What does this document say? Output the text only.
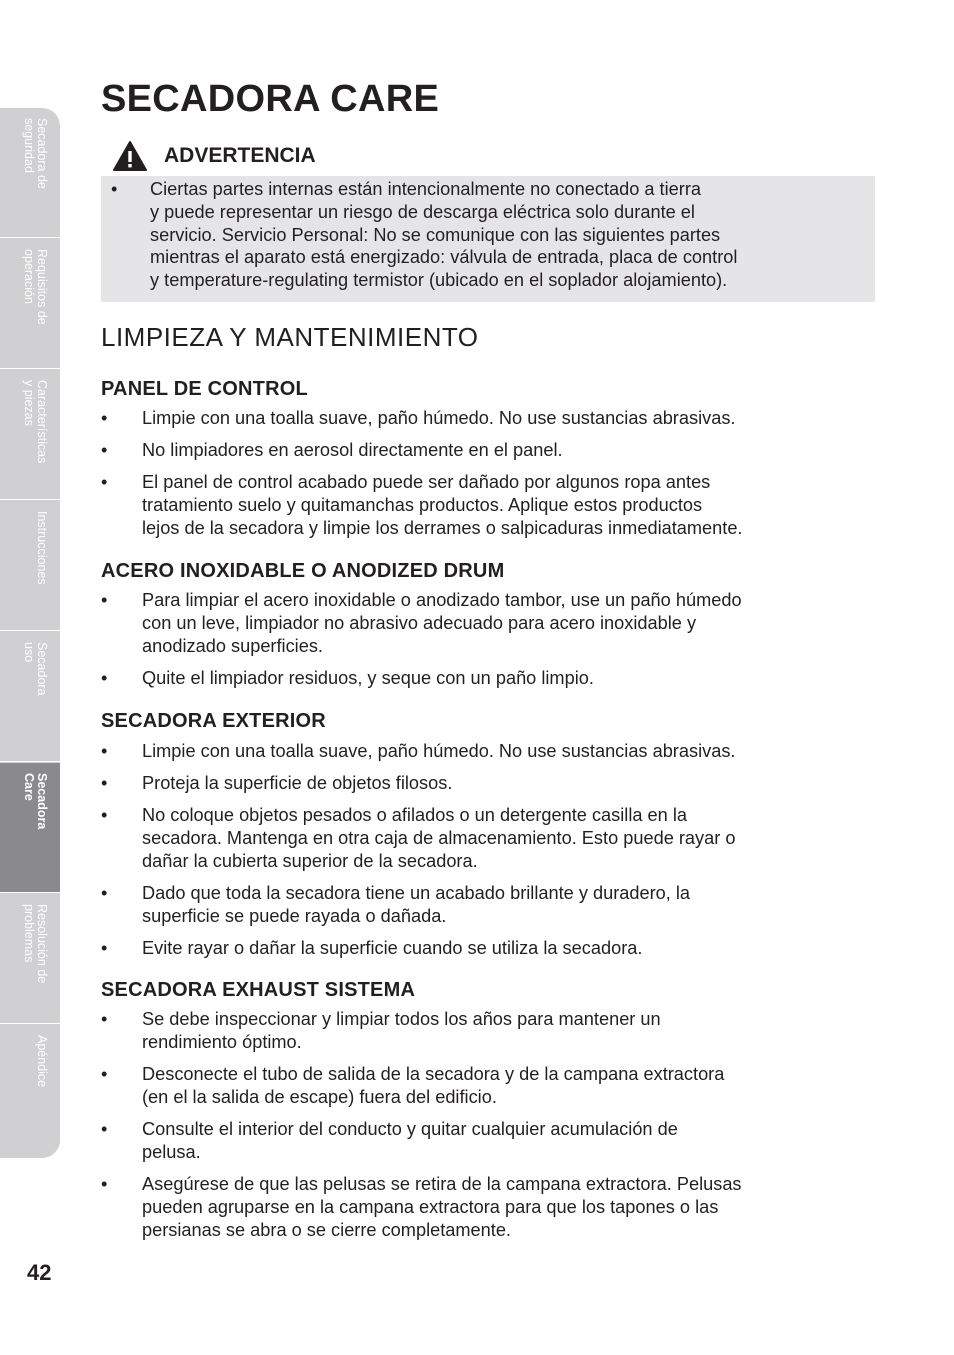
Secadora de
seguridad
Requisitos de
operación
Características
y piezas
Instrucciones
Secadora
uso
Secadora
Care
Resolución de
problemas
Apéndice
SECADORA CARE
ADVERTENCIA
•	Ciertas partes internas están intencionalmente no conectado a tierra
y puede representar un riesgo de descarga eléctrica solo durante el
servicio. Servicio Personal: No se comunique con las siguientes partes
mientras el aparato está energizado: válvula de entrada, placa de control
y temperature-regulating termistor (ubicado en el soplador alojamiento).
LIMPIEZA Y MANTENIMIENTO
PANEL DE CONTROL
•	Limpie con una toalla suave, paño húmedo. No use sustancias abrasivas.
•	No limpiadores en aerosol directamente en el panel.
•	El panel de control acabado puede ser dañado por algunos ropa antes
tratamiento suelo y quitamanchas productos. Aplique estos productos
lejos de la secadora y limpie los derrames o salpicaduras inmediatamente.
ACERO INOXIDABLE O ANODIZED DRUM
•	Para limpiar el acero inoxidable o anodizado tambor, use un paño húmedo
con un leve, limpiador no abrasivo adecuado para acero inoxidable y
anodizado superficies.
•	Quite el limpiador residuos, y seque con un paño limpio.
SECADORA EXTERIOR
•	Limpie con una toalla suave, paño húmedo. No use sustancias abrasivas.
•	Proteja la superficie de objetos filosos.
•	No coloque objetos pesados o afilados o un detergente casilla en la
secadora. Mantenga en otra caja de almacenamiento. Esto puede rayar o
dañar la cubierta superior de la secadora.
•	Dado que toda la secadora tiene un acabado brillante y duradero, la
superficie se puede rayada o dañada.
•	Evite rayar o dañar la superficie cuando se utiliza la secadora.
SECADORA EXHAUST SISTEMA
•	Se debe inspeccionar y limpiar todos los años para mantener un
rendimiento óptimo.
•	Desconecte el tubo de salida de la secadora y de la campana extractora
(en el la salida de escape) fuera del edificio.
•	Consulte el interior del conducto y quitar cualquier acumulación de
pelusa.
•	Asegúrese de que las pelusas se retira de la campana extractora. Pelusas
pueden agruparse en la campana extractora para que los tapones o las
persianas se abra o se cierre completamente.
42
